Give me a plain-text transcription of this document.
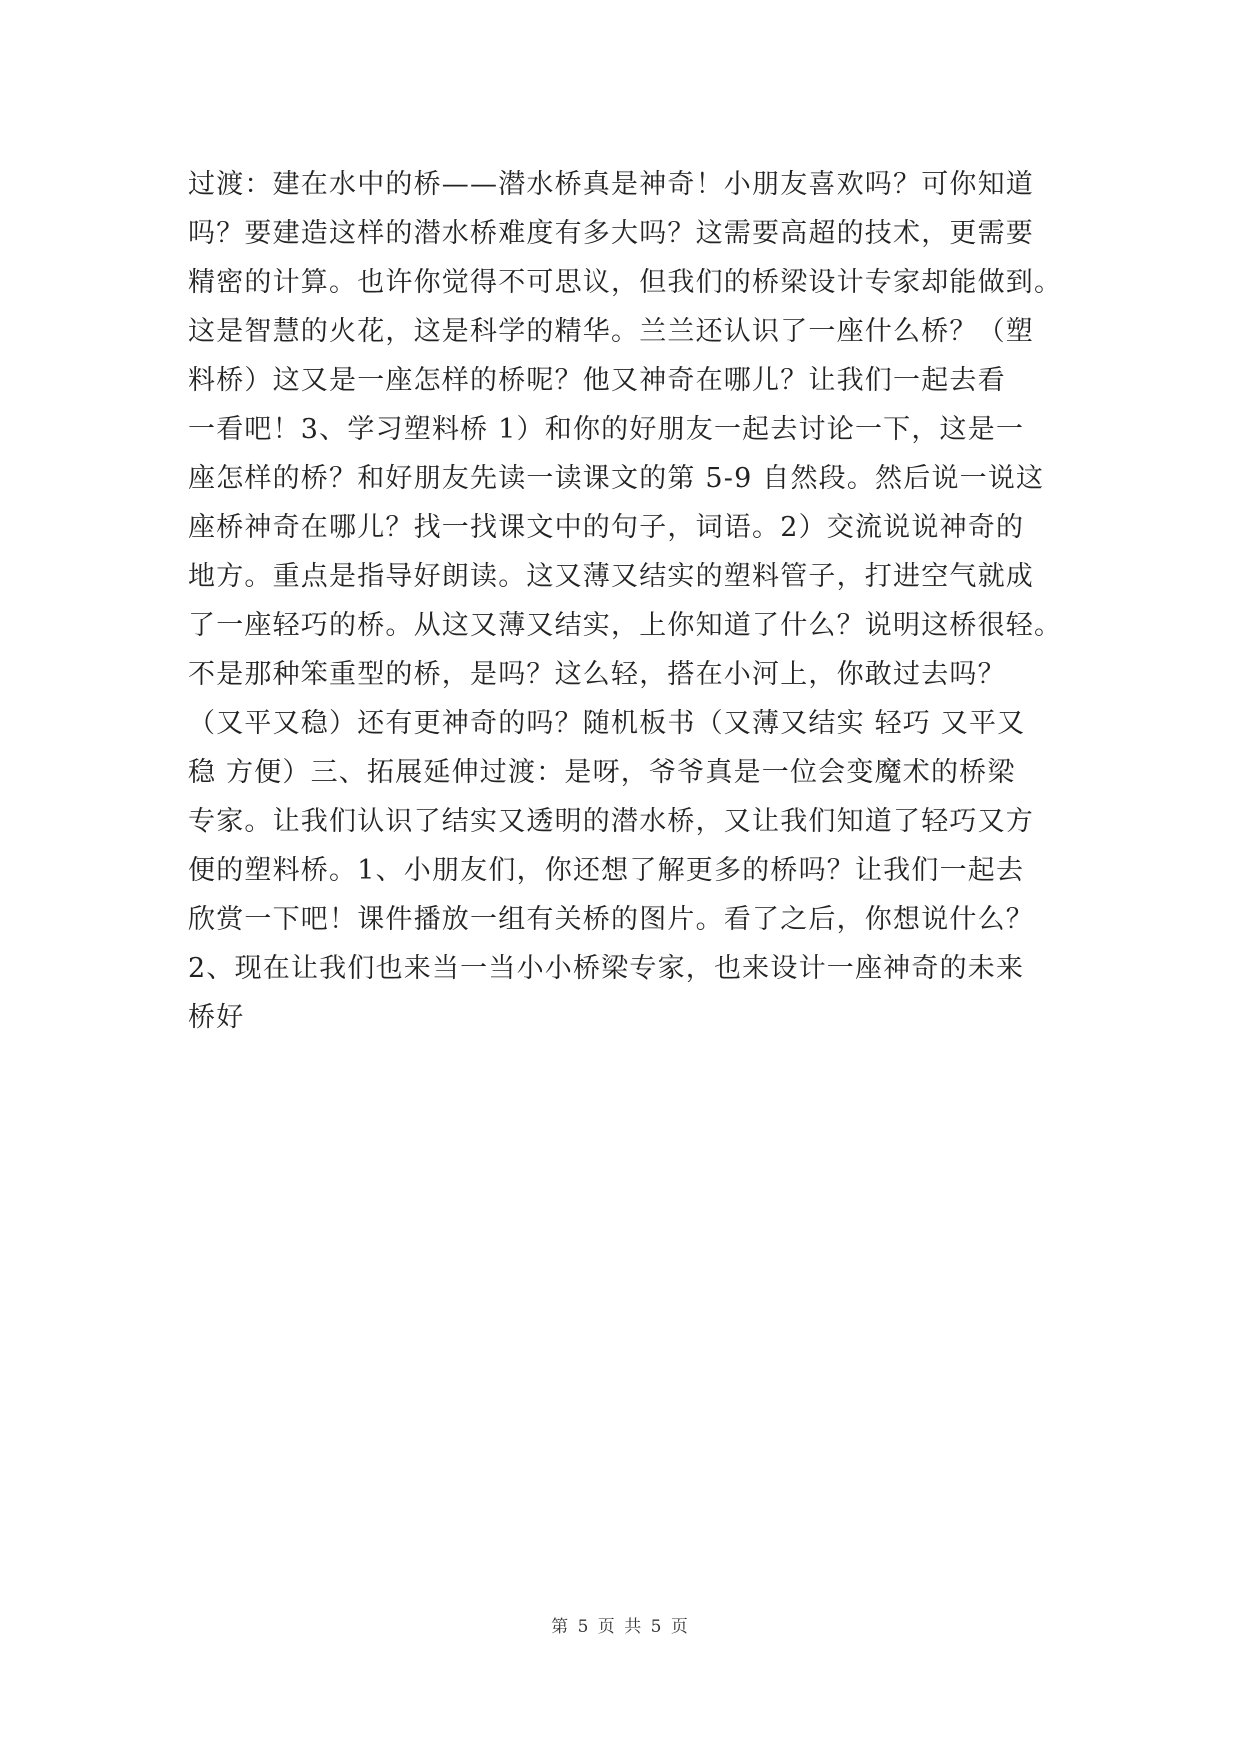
过渡：建在水中的桥——潜水桥真是神奇！小朋友喜欢吗？可你知道
吗？要建造这样的潜水桥难度有多大吗？这需要高超的技术，更需要
精密的计算。也许你觉得不可思议，但我们的桥梁设计专家却能做到。
这是智慧的火花，这是科学的精华。兰兰还认识了一座什么桥？（塑
料桥）这又是一座怎样的桥呢？他又神奇在哪儿？让我们一起去看
一看吧！3、学习塑料桥 1）和你的好朋友一起去讨论一下，这是一
座怎样的桥？和好朋友先读一读课文的第 5-9 自然段。然后说一说这
座桥神奇在哪儿？找一找课文中的句子，词语。2）交流说说神奇的
地方。重点是指导好朗读。这又薄又结实的塑料管子，打进空气就成
了一座轻巧的桥。从这又薄又结实，上你知道了什么？说明这桥很轻。
不是那种笨重型的桥，是吗？这么轻，搭在小河上，你敢过去吗？
（又平又稳）还有更神奇的吗？随机板书（又薄又结实 轻巧 又平又
稳 方便）三、拓展延伸过渡：是呀，爷爷真是一位会变魔术的桥梁
专家。让我们认识了结实又透明的潜水桥，又让我们知道了轻巧又方
便的塑料桥。1、小朋友们，你还想了解更多的桥吗？让我们一起去
欣赏一下吧！课件播放一组有关桥的图片。看了之后，你想说什么？
2、现在让我们也来当一当小小桥梁专家，也来设计一座神奇的未来
桥好
第 5 页 共 5 页
